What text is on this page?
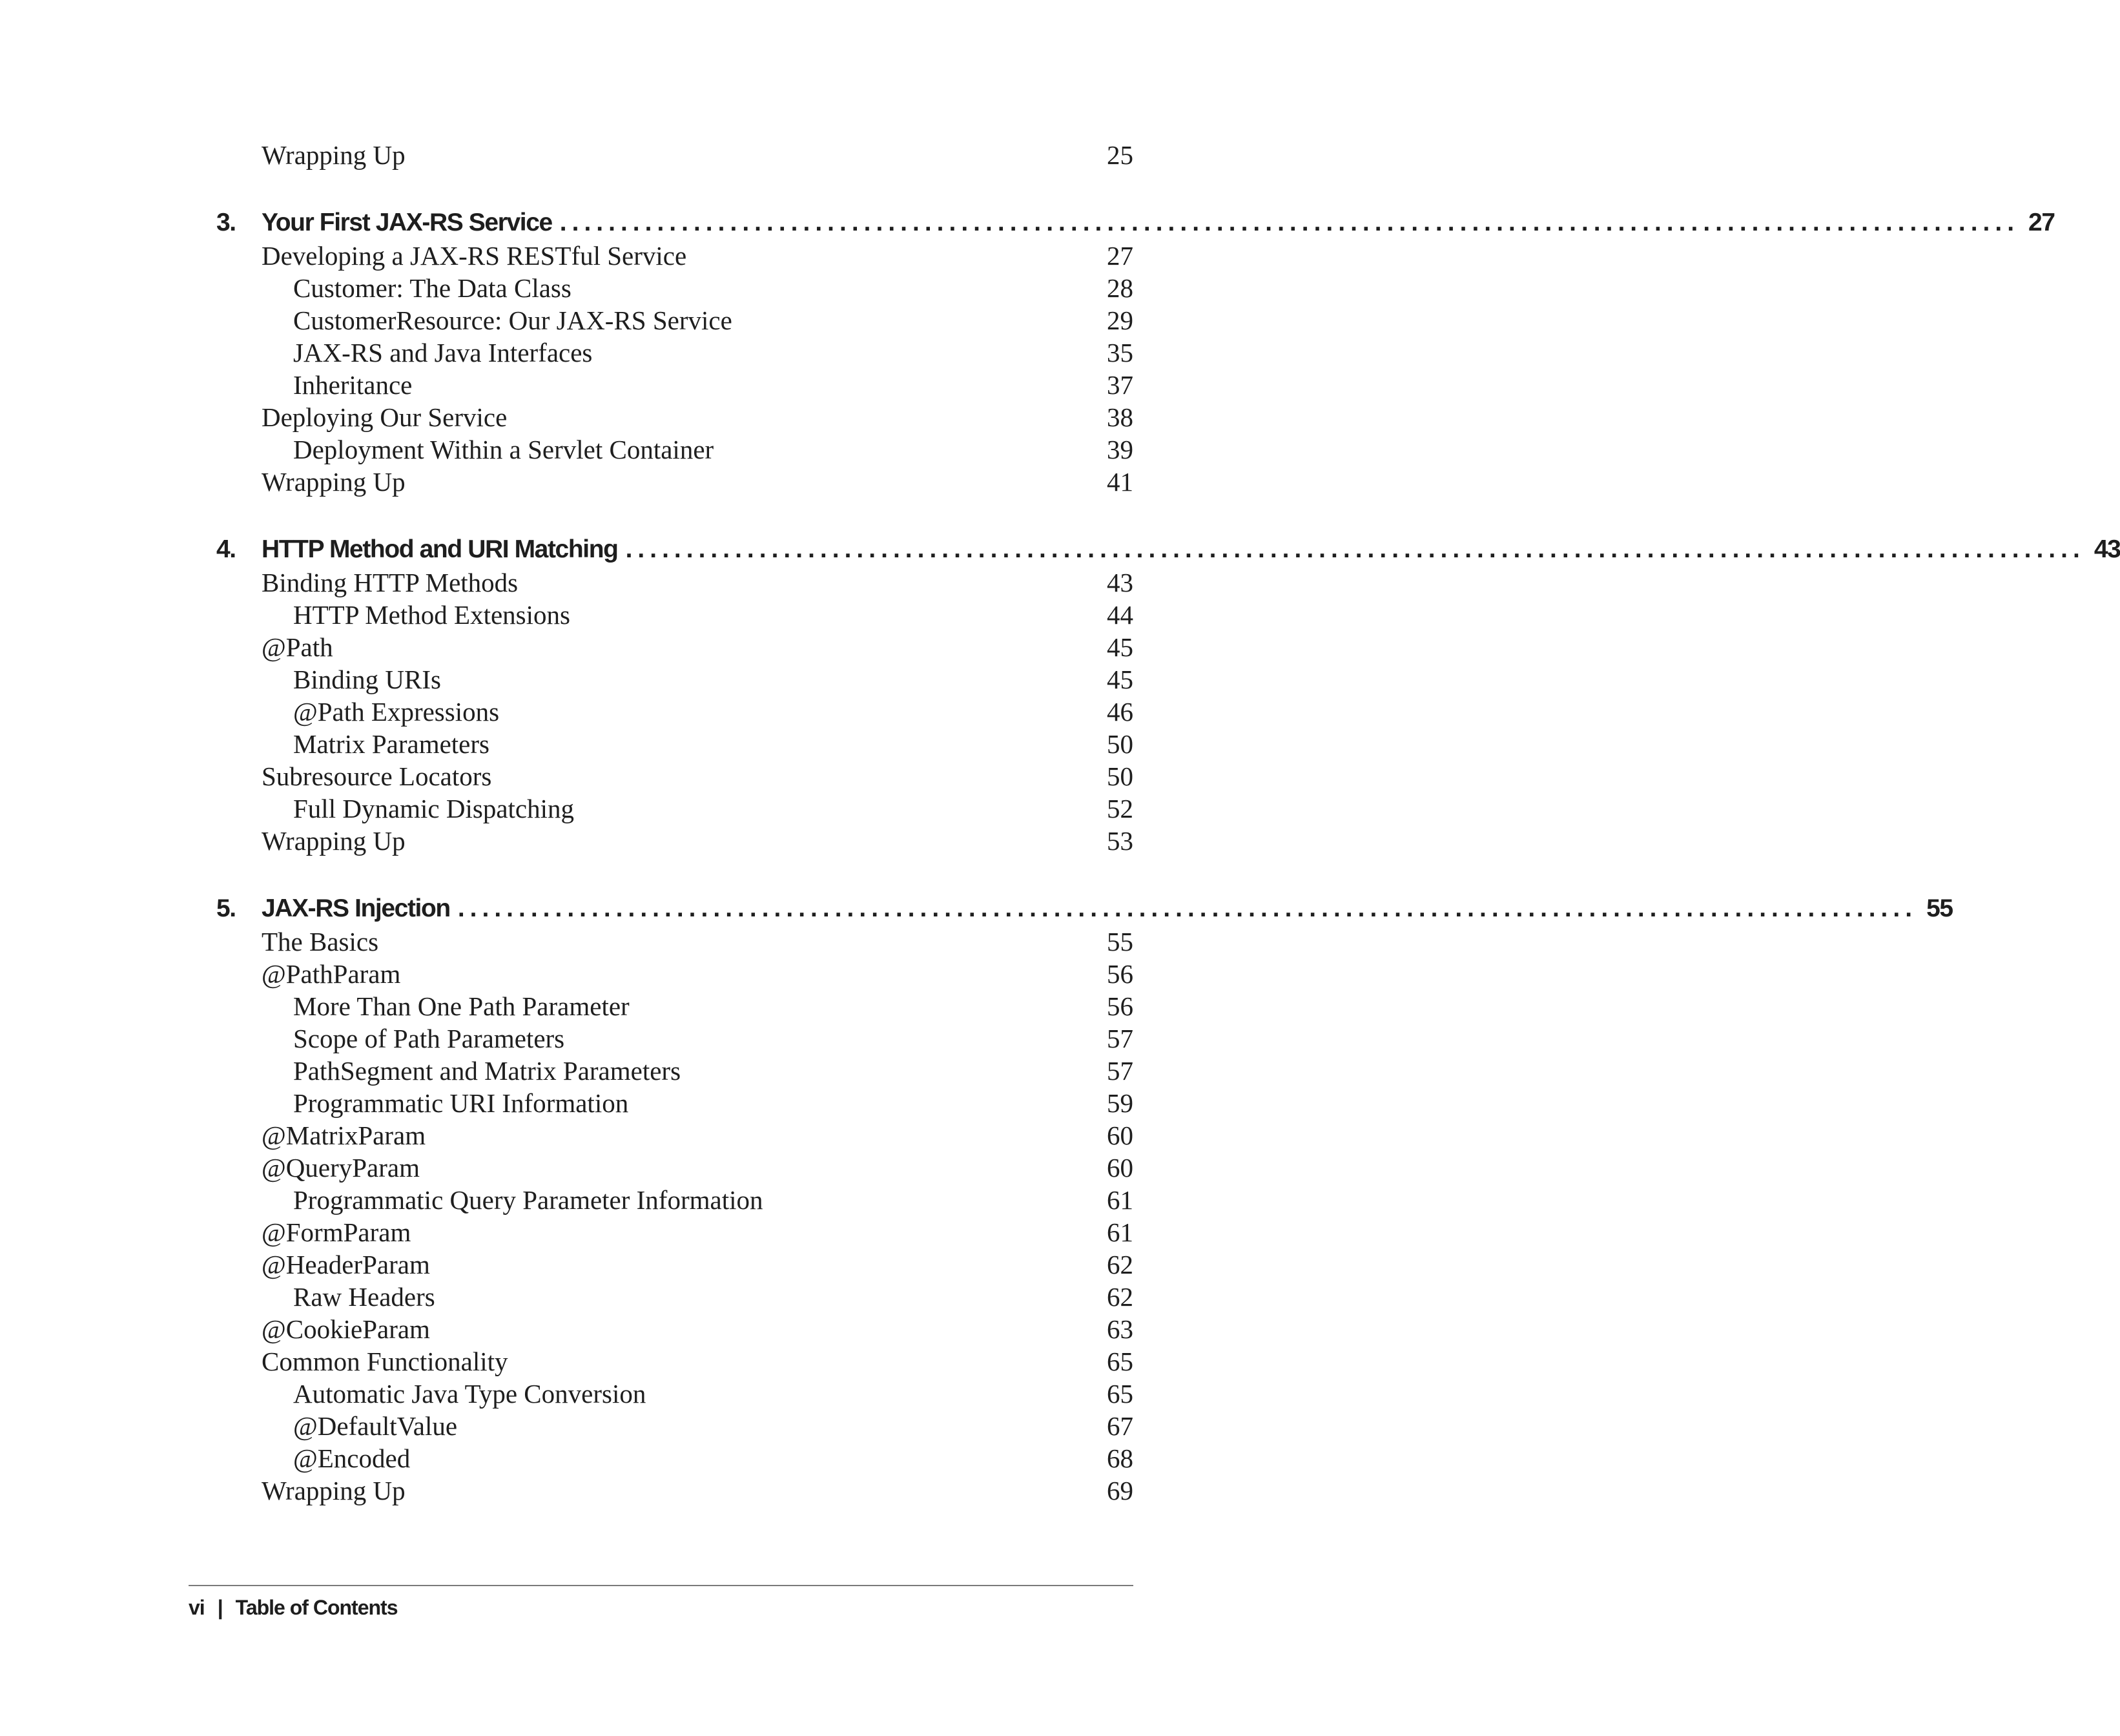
Wrapping Up	25
3. Your First JAX-RS Service ........................................................................................................................ 27
Developing a JAX-RS RESTful Service	27
Customer: The Data Class	28
CustomerResource: Our JAX-RS Service	29
JAX-RS and Java Interfaces	35
Inheritance	37
Deploying Our Service	38
Deployment Within a Servlet Container	39
Wrapping Up	41
4. HTTP Method and URI Matching ........................................................................................................................ 43
Binding HTTP Methods	43
HTTP Method Extensions	44
@Path	45
Binding URIs	45
@Path Expressions	46
Matrix Parameters	50
Subresource Locators	50
Full Dynamic Dispatching	52
Wrapping Up	53
5. JAX-RS Injection ........................................................................................................................ 55
The Basics	55
@PathParam	56
More Than One Path Parameter	56
Scope of Path Parameters	57
PathSegment and Matrix Parameters	57
Programmatic URI Information	59
@MatrixParam	60
@QueryParam	60
Programmatic Query Parameter Information	61
@FormParam	61
@HeaderParam	62
Raw Headers	62
@CookieParam	63
Common Functionality	65
Automatic Java Type Conversion	65
@DefaultValue	67
@Encoded	68
Wrapping Up	69
vi | Table of Contents
